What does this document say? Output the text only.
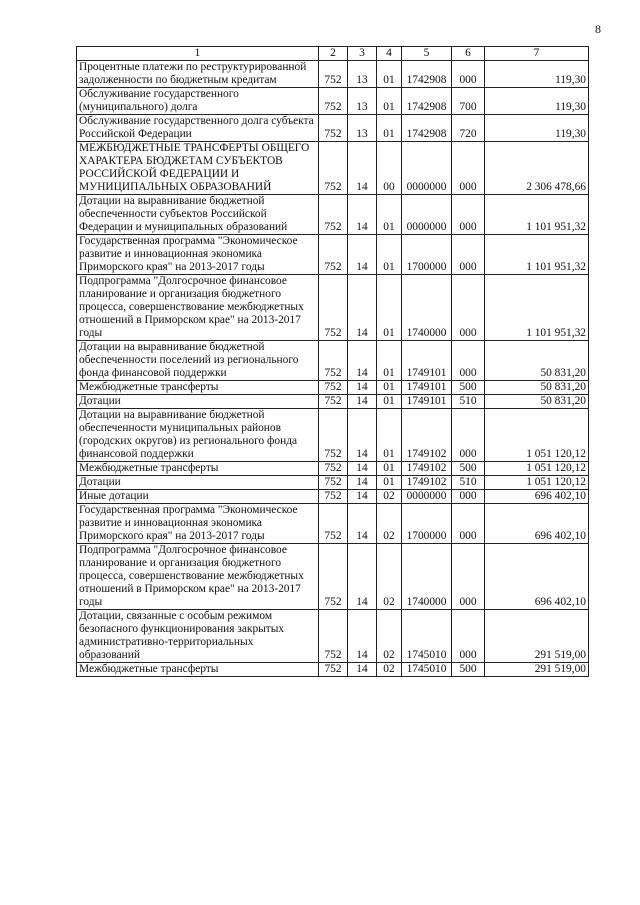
8
1	2	3	4	5	6	7
Процентные платежи по реструктурированной задолженности по бюджетным кредитам	752	13	01	1742908	000	119,30
Обслуживание государственного (муниципального) долга	752	13	01	1742908	700	119,30
Обслуживание государственного долга субъекта Российской Федерации	752	13	01	1742908	720	119,30
МЕЖБЮДЖЕТНЫЕ ТРАНСФЕРТЫ ОБЩЕГО ХАРАКТЕРА БЮДЖЕТАМ СУБЪЕКТОВ РОССИЙСКОЙ ФЕДЕРАЦИИ И МУНИЦИПАЛЬНЫХ ОБРАЗОВАНИЙ	752	14	00	0000000	000	2 306 478,66
Дотации на выравнивание бюджетной обеспеченности субъектов Российской Федерации и муниципальных образований	752	14	01	0000000	000	1 101 951,32
Государственная программа "Экономическое развитие и инновационная экономика Приморского края" на 2013-2017 годы	752	14	01	1700000	000	1 101 951,32
Подпрограмма "Долгосрочное финансовое планирование и организация бюджетного процесса, совершенствование межбюджетных отношений в Приморском крае" на 2013-2017 годы	752	14	01	1740000	000	1 101 951,32
Дотации на выравнивание бюджетной обеспеченности поселений из регионального фонда финансовой поддержки	752	14	01	1749101	000	50 831,20
Межбюджетные трансферты	752	14	01	1749101	500	50 831,20
Дотации	752	14	01	1749101	510	50 831,20
Дотации на выравнивание бюджетной обеспеченности муниципальных районов (городских округов) из регионального фонда финансовой поддержки	752	14	01	1749102	000	1 051 120,12
Межбюджетные трансферты	752	14	01	1749102	500	1 051 120,12
Дотации	752	14	01	1749102	510	1 051 120,12
Иные дотации	752	14	02	0000000	000	696 402,10
Государственная программа "Экономическое развитие и инновационная экономика Приморского края" на 2013-2017 годы	752	14	02	1700000	000	696 402,10
Подпрограмма "Долгосрочное финансовое планирование и организация бюджетного процесса, совершенствование межбюджетных отношений в Приморском крае" на 2013-2017 годы	752	14	02	1740000	000	696 402,10
Дотации, связанные с особым режимом безопасного функционирования закрытых административно-территориальных образований	752	14	02	1745010	000	291 519,00
Межбюджетные трансферты	752	14	02	1745010	500	291 519,00
